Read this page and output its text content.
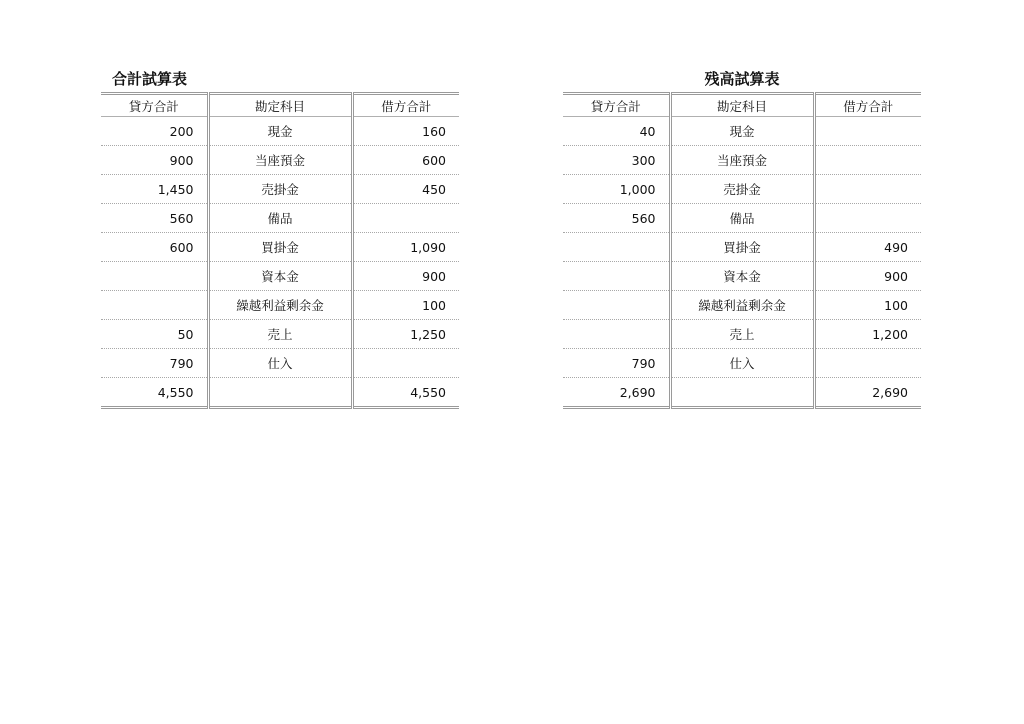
合計試算表
貸方合計	勘定科目	借方合計
200	現金	160
900	当座預金	600
1,450	売掛金	450
560	備品	
600	買掛金	1,090
	資本金	900
	繰越利益剰余金	100
50	売上	1,250
790	仕入	
4,550		4,550
残高試算表
貸方合計	勘定科目	借方合計
40	現金	
300	当座預金	
1,000	売掛金	
560	備品	
	買掛金	490
	資本金	900
	繰越利益剰余金	100
	売上	1,200
790	仕入	
2,690		2,690
